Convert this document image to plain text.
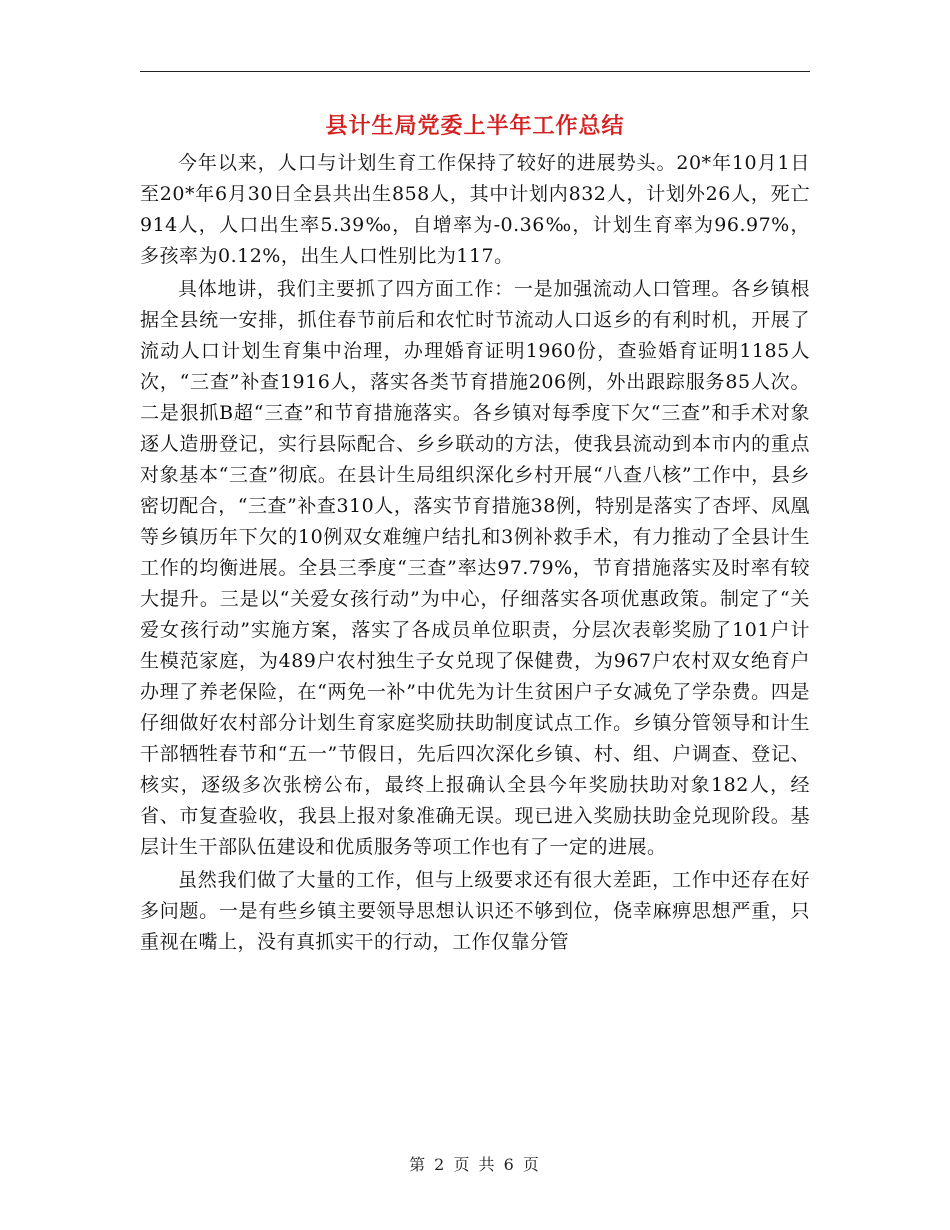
县计生局党委上半年工作总结

今年以来，人口与计划生育工作保持了较好的进展势头。20*年10月1日至20*年6月30日全县共出生858人，其中计划内832人，计划外26人，死亡914人，人口出生率5.39‰，自增率为-0.36‰，计划生育率为96.97%，多孩率为0.12%，出生人口性别比为117。

具体地讲，我们主要抓了四方面工作：一是加强流动人口管理。各乡镇根据全县统一安排，抓住春节前后和农忙时节流动人口返乡的有利时机，开展了流动人口计划生育集中治理，办理婚育证明1960份，查验婚育证明1185人次，“三查”补查1916人，落实各类节育措施206例，外出跟踪服务85人次。二是狠抓B超“三查”和节育措施落实。各乡镇对每季度下欠“三查”和手术对象逐人造册登记，实行县际配合、乡乡联动的方法，使我县流动到本市内的重点对象基本“三查”彻底。在县计生局组织深化乡村开展“八查八核”工作中，县乡密切配合，“三查”补查310人，落实节育措施38例，特别是落实了杏坪、凤凰等乡镇历年下欠的10例双女难缠户结扎和3例补救手术，有力推动了全县计生工作的均衡进展。全县三季度“三查”率达97.79%，节育措施落实及时率有较大提升。三是以“关爱女孩行动”为中心，仔细落实各项优惠政策。制定了“关爱女孩行动”实施方案，落实了各成员单位职责，分层次表彰奖励了101户计生模范家庭，为489户农村独生子女兑现了保健费，为967户农村双女绝育户办理了养老保险，在“两免一补”中优先为计生贫困户子女减免了学杂费。四是仔细做好农村部分计划生育家庭奖励扶助制度试点工作。乡镇分管领导和计生干部牺牲春节和“五一”节假日，先后四次深化乡镇、村、组、户调查、登记、核实，逐级多次张榜公布，最终上报确认全县今年奖励扶助对象182人，经省、市复查验收，我县上报对象准确无误。现已进入奖励扶助金兑现阶段。基层计生干部队伍建设和优质服务等项工作也有了一定的进展。

虽然我们做了大量的工作，但与上级要求还有很大差距，工作中还存在好多问题。一是有些乡镇主要领导思想认识还不够到位，侥幸麻痹思想严重，只重视在嘴上，没有真抓实干的行动，工作仅靠分管

第 2 页 共 6 页
